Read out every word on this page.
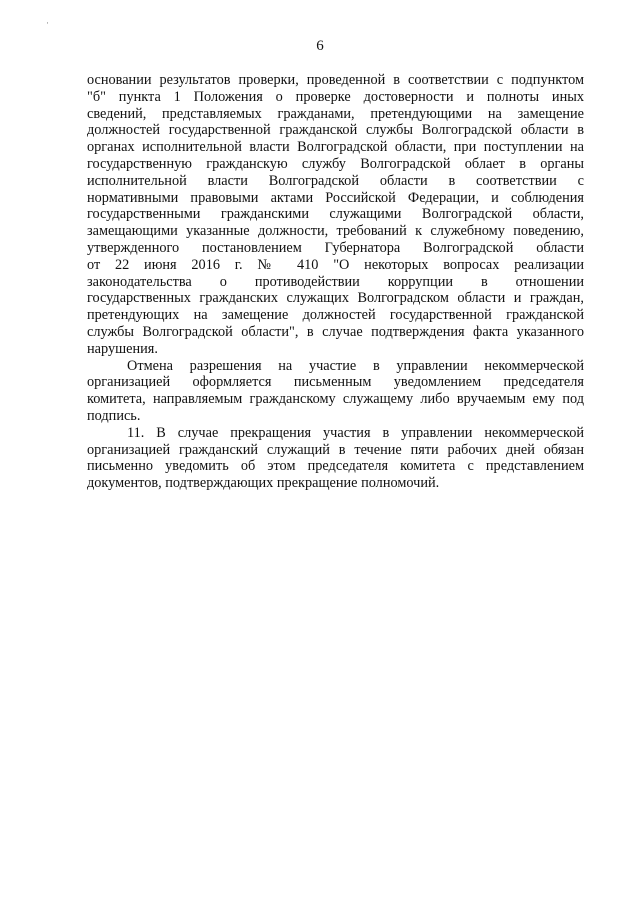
·
6
основании результатов проверки, проведенной в соответствии с подпунктом
"б" пункта 1 Положения о проверке достоверности и полноты иных
сведений, представляемых гражданами, претендующими на замещение
должностей государственной гражданской службы Волгоградской области в
органах исполнительной власти Волгоградской области, при поступлении на
государственную гражданскую службу Волгоградской облает в органы
исполнительной власти Волгоградской области в соответствии с
нормативными правовыми актами Российской Федерации, и соблюдения
государственными гражданскими служащими Волгоградской области,
замещающими указанные должности, требований к служебному поведению,
утвержденного постановлением Губернатора Волгоградской области
от 22 июня 2016 г. № 410 "О некоторых вопросах реализации
законодательства о противодействии коррупции в отношении
государственных гражданских служащих Волгоградском области и граждан,
претендующих на замещение должностей государственной гражданской
службы Волгоградской области", в случае подтверждения факта указанного
нарушения.
Отмена разрешения на участие в управлении некоммерческой
организацией оформляется письменным уведомлением председателя
комитета, направляемым гражданскому служащему либо вручаемым ему под
подпись.
11. В случае прекращения участия в управлении некоммерческой
организацией гражданский служащий в течение пяти рабочих дней обязан
письменно уведомить об этом председателя комитета с представлением
документов, подтверждающих прекращение полномочий.
